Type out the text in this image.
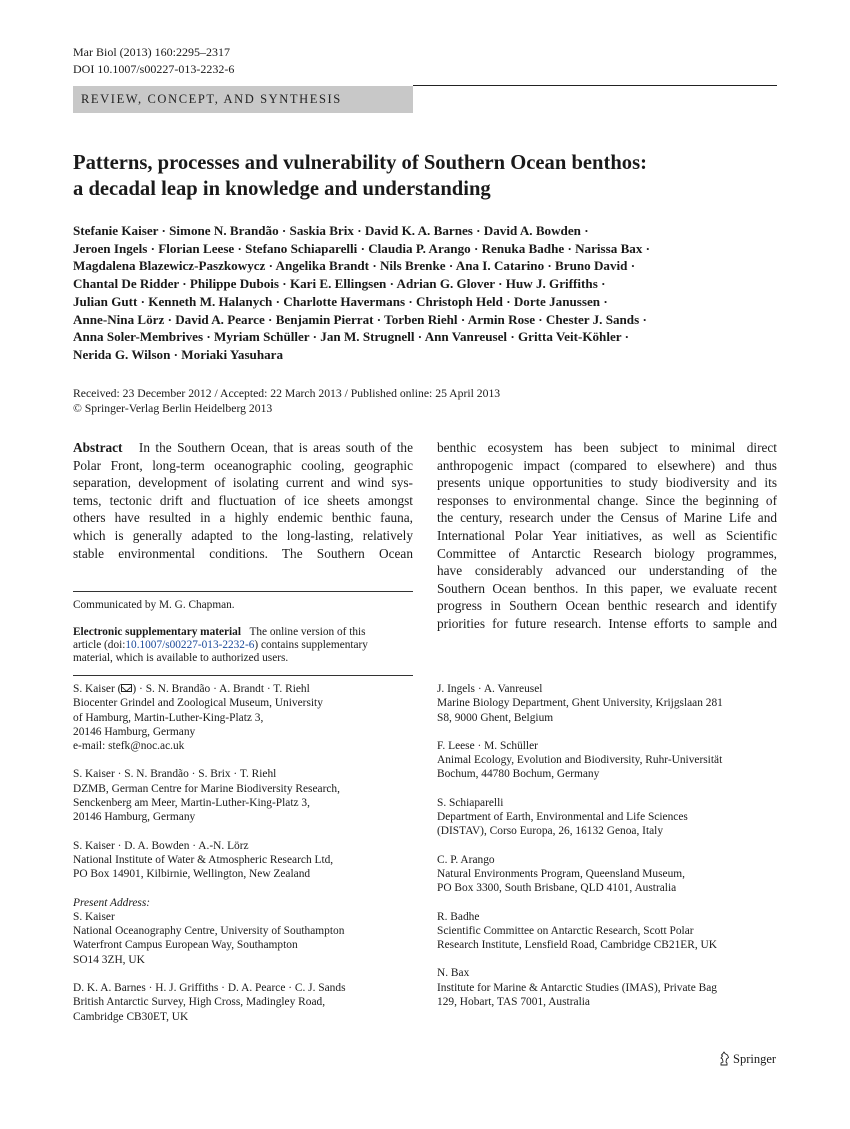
Mar Biol (2013) 160:2295–2317
DOI 10.1007/s00227-013-2232-6
REVIEW, CONCEPT, AND SYNTHESIS
Patterns, processes and vulnerability of Southern Ocean benthos:
a decadal leap in knowledge and understanding
Stefanie Kaiser · Simone N. Brandão · Saskia Brix · David K. A. Barnes · David A. Bowden ·
Jeroen Ingels · Florian Leese · Stefano Schiaparelli · Claudia P. Arango · Renuka Badhe · Narissa Bax ·
Magdalena Blazewicz-Paszkowycz · Angelika Brandt · Nils Brenke · Ana I. Catarino · Bruno David ·
Chantal De Ridder · Philippe Dubois · Kari E. Ellingsen · Adrian G. Glover · Huw J. Griffiths ·
Julian Gutt · Kenneth M. Halanych · Charlotte Havermans · Christoph Held · Dorte Janussen ·
Anne-Nina Lörz · David A. Pearce · Benjamin Pierrat · Torben Riehl · Armin Rose · Chester J. Sands ·
Anna Soler-Membrives · Myriam Schüller · Jan M. Strugnell · Ann Vanreusel · Gritta Veit-Köhler ·
Nerida G. Wilson · Moriaki Yasuhara
Received: 23 December 2012 / Accepted: 22 March 2013 / Published online: 25 April 2013
© Springer-Verlag Berlin Heidelberg 2013
Abstract In the Southern Ocean, that is areas south of the
Polar Front, long-term oceanographic cooling, geographic
separation, development of isolating current and wind sys-
tems, tectonic drift and fluctuation of ice sheets amongst
others have resulted in a highly endemic benthic fauna,
which is generally adapted to the long-lasting, relatively
stable environmental conditions. The Southern Ocean
benthic ecosystem has been subject to minimal direct
anthropogenic impact (compared to elsewhere) and thus
presents unique opportunities to study biodiversity and its
responses to environmental change. Since the beginning of
the century, research under the Census of Marine Life and
International Polar Year initiatives, as well as Scientific
Committee of Antarctic Research biology programmes,
have considerably advanced our understanding of the
Southern Ocean benthos. In this paper, we evaluate recent
progress in Southern Ocean benthic research and identify
priorities for future research. Intense efforts to sample and
Communicated by M. G. Chapman.
Electronic supplementary material The online version of this
article (doi:10.1007/s00227-013-2232-6) contains supplementary
material, which is available to authorized users.
S. Kaiser ( ) · S. N. Brandão · A. Brandt · T. Riehl
Biocenter Grindel and Zoological Museum, University
of Hamburg, Martin-Luther-King-Platz 3,
20146 Hamburg, Germany
e-mail: stefk@noc.ac.uk
S. Kaiser · S. N. Brandão · S. Brix · T. Riehl
DZMB, German Centre for Marine Biodiversity Research,
Senckenberg am Meer, Martin-Luther-King-Platz 3,
20146 Hamburg, Germany
S. Kaiser · D. A. Bowden · A.-N. Lörz
National Institute of Water & Atmospheric Research Ltd,
PO Box 14901, Kilbirnie, Wellington, New Zealand
Present Address:
S. Kaiser
National Oceanography Centre, University of Southampton
Waterfront Campus European Way, Southampton
SO14 3ZH, UK
D. K. A. Barnes · H. J. Griffiths · D. A. Pearce · C. J. Sands
British Antarctic Survey, High Cross, Madingley Road,
Cambridge CB30ET, UK
J. Ingels · A. Vanreusel
Marine Biology Department, Ghent University, Krijgslaan 281
S8, 9000 Ghent, Belgium
F. Leese · M. Schüller
Animal Ecology, Evolution and Biodiversity, Ruhr-Universität
Bochum, 44780 Bochum, Germany
S. Schiaparelli
Department of Earth, Environmental and Life Sciences
(DISTAV), Corso Europa, 26, 16132 Genoa, Italy
C. P. Arango
Natural Environments Program, Queensland Museum,
PO Box 3300, South Brisbane, QLD 4101, Australia
R. Badhe
Scientific Committee on Antarctic Research, Scott Polar
Research Institute, Lensfield Road, Cambridge CB21ER, UK
N. Bax
Institute for Marine & Antarctic Studies (IMAS), Private Bag
129, Hobart, TAS 7001, Australia
Springer
